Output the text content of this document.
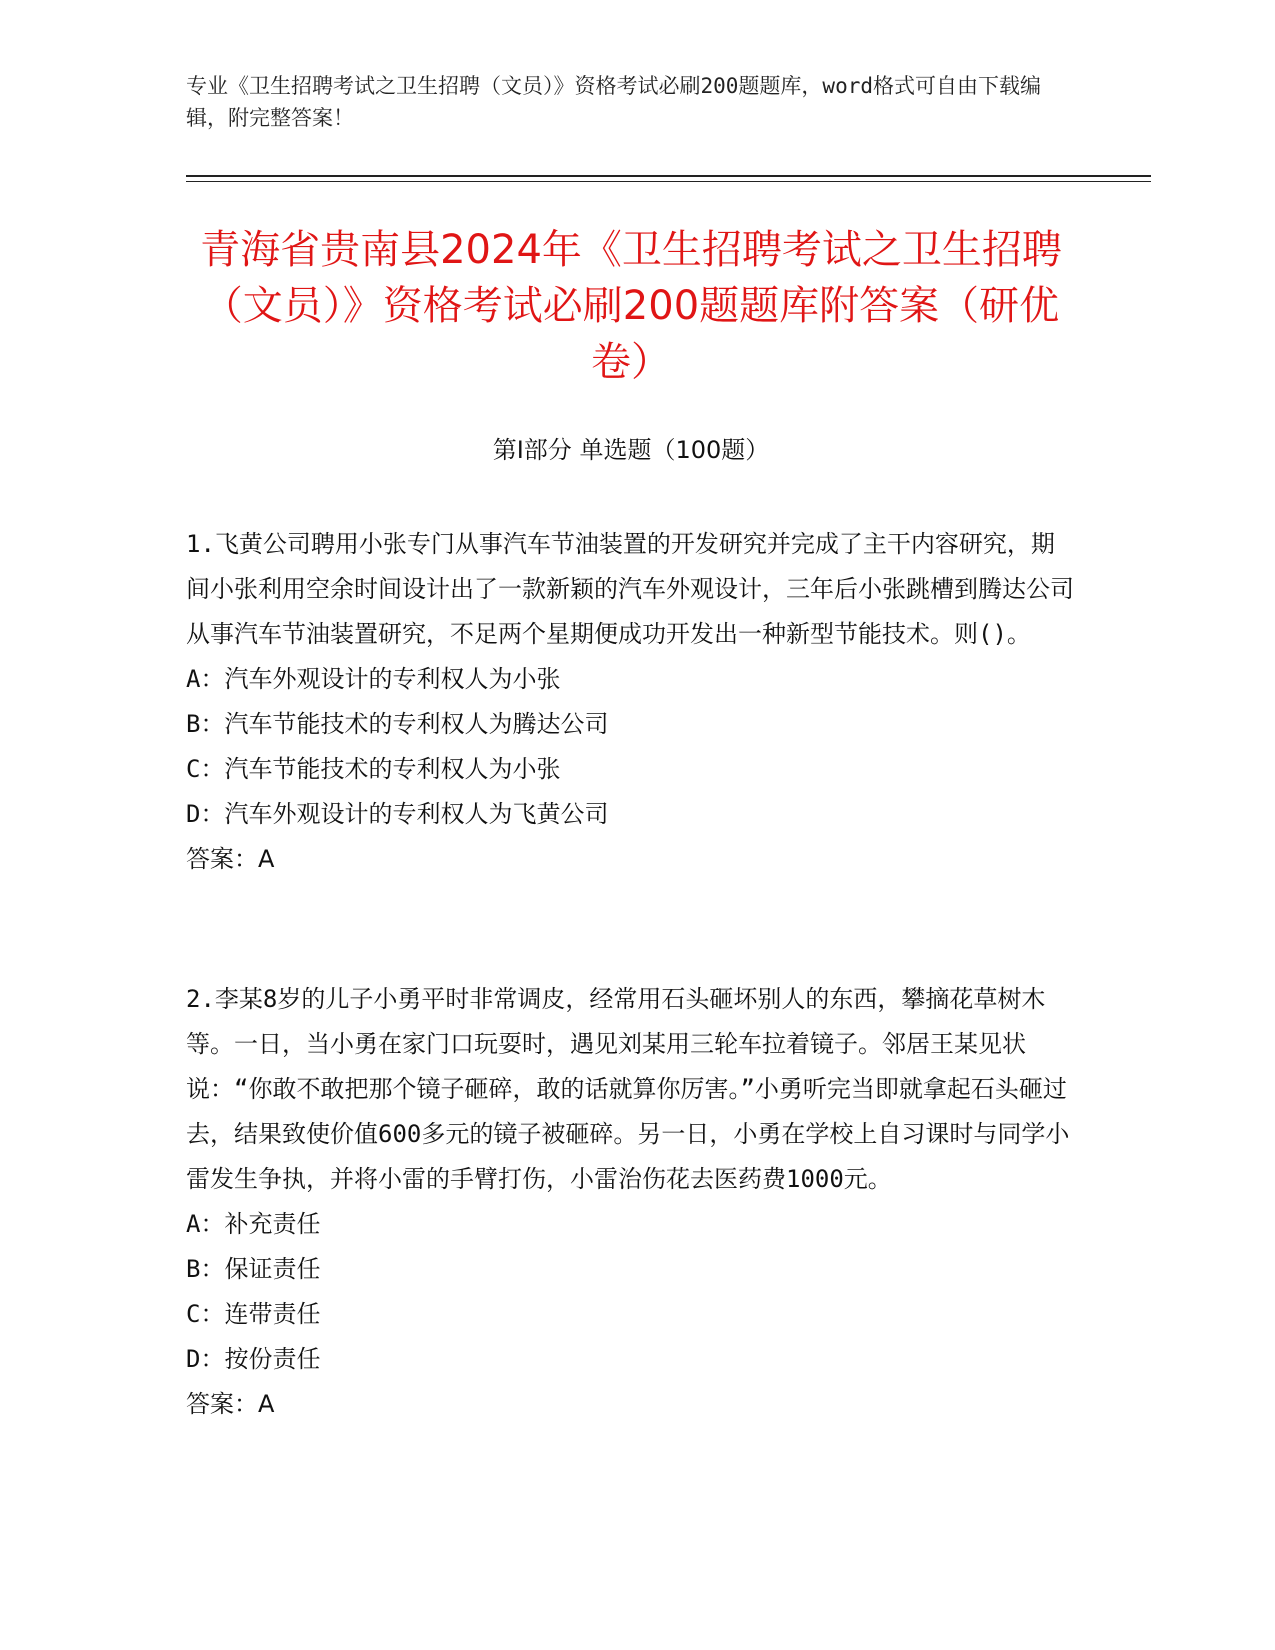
专业《卫生招聘考试之卫生招聘（文员）》资格考试必刷200题题库，word格式可自由下载编辑，附完整答案！
青海省贵南县2024年《卫生招聘考试之卫生招聘（文员）》资格考试必刷200题题库附答案（研优卷）
第Ⅰ部分 单选题（100题）

1.飞黄公司聘用小张专门从事汽车节油装置的开发研究并完成了主干内容研究，期间小张利用空余时间设计出了一款新颖的汽车外观设计，三年后小张跳槽到腾达公司从事汽车节油装置研究，不足两个星期便成功开发出一种新型节能技术。则()。

A：汽车外观设计的专利权人为小张

B：汽车节能技术的专利权人为腾达公司

C：汽车节能技术的专利权人为小张

D：汽车外观设计的专利权人为飞黄公司

答案：A

2.李某8岁的儿子小勇平时非常调皮，经常用石头砸坏别人的东西，攀摘花草树木等。一日，当小勇在家门口玩耍时，遇见刘某用三轮车拉着镜子。邻居王某见状说：“你敢不敢把那个镜子砸碎，敢的话就算你厉害。”小勇听完当即就拿起石头砸过去，结果致使价值600多元的镜子被砸碎。另一日，小勇在学校上自习课时与同学小雷发生争执，并将小雷的手臂打伤，小雷治伤花去医药费1000元。

A：补充责任

B：保证责任

C：连带责任

D：按份责任

答案：A
